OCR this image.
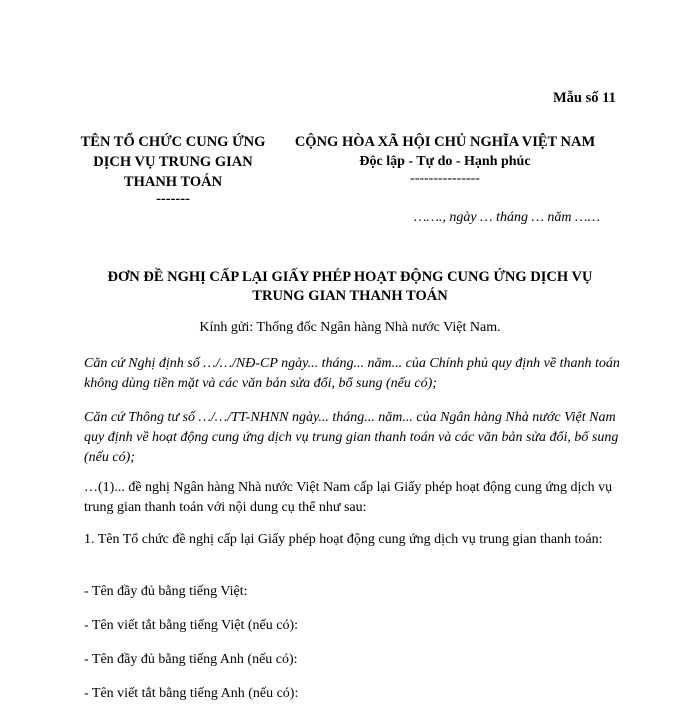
Mẫu số 11
TÊN TỔ CHỨC CUNG ỨNG
DỊCH VỤ TRUNG GIAN
THANH TOÁN
-------
CỘNG HÒA XÃ HỘI CHỦ NGHĨA VIỆT NAM
Độc lập - Tự do - Hạnh phúc
---------------
……., ngày … tháng … năm ……
ĐƠN ĐỀ NGHỊ CẤP LẠI GIẤY PHÉP HOẠT ĐỘNG CUNG ỨNG DỊCH VỤ
TRUNG GIAN THANH TOÁN
Kính gửi: Thống đốc Ngân hàng Nhà nước Việt Nam.
Căn cứ Nghị định số …/…/NĐ-CP ngày... tháng... năm... của Chính phủ quy định về thanh toán không dùng tiền mặt và các văn bản sửa đổi, bổ sung (nếu có);
Căn cứ Thông tư số …/…/TT-NHNN ngày... tháng... năm... của Ngân hàng Nhà nước Việt Nam quy định về hoạt động cung ứng dịch vụ trung gian thanh toán và các văn bản sửa đổi, bổ sung (nếu có);
…(1)... đề nghị Ngân hàng Nhà nước Việt Nam cấp lại Giấy phép hoạt động cung ứng dịch vụ trung gian thanh toán với nội dung cụ thể như sau:
1. Tên Tổ chức đề nghị cấp lại Giấy phép hoạt động cung ứng dịch vụ trung gian thanh toán:
- Tên đầy đủ bằng tiếng Việt:
- Tên viết tắt bằng tiếng Việt (nếu có):
- Tên đầy đủ bằng tiếng Anh (nếu có):
- Tên viết tắt bằng tiếng Anh (nếu có):
